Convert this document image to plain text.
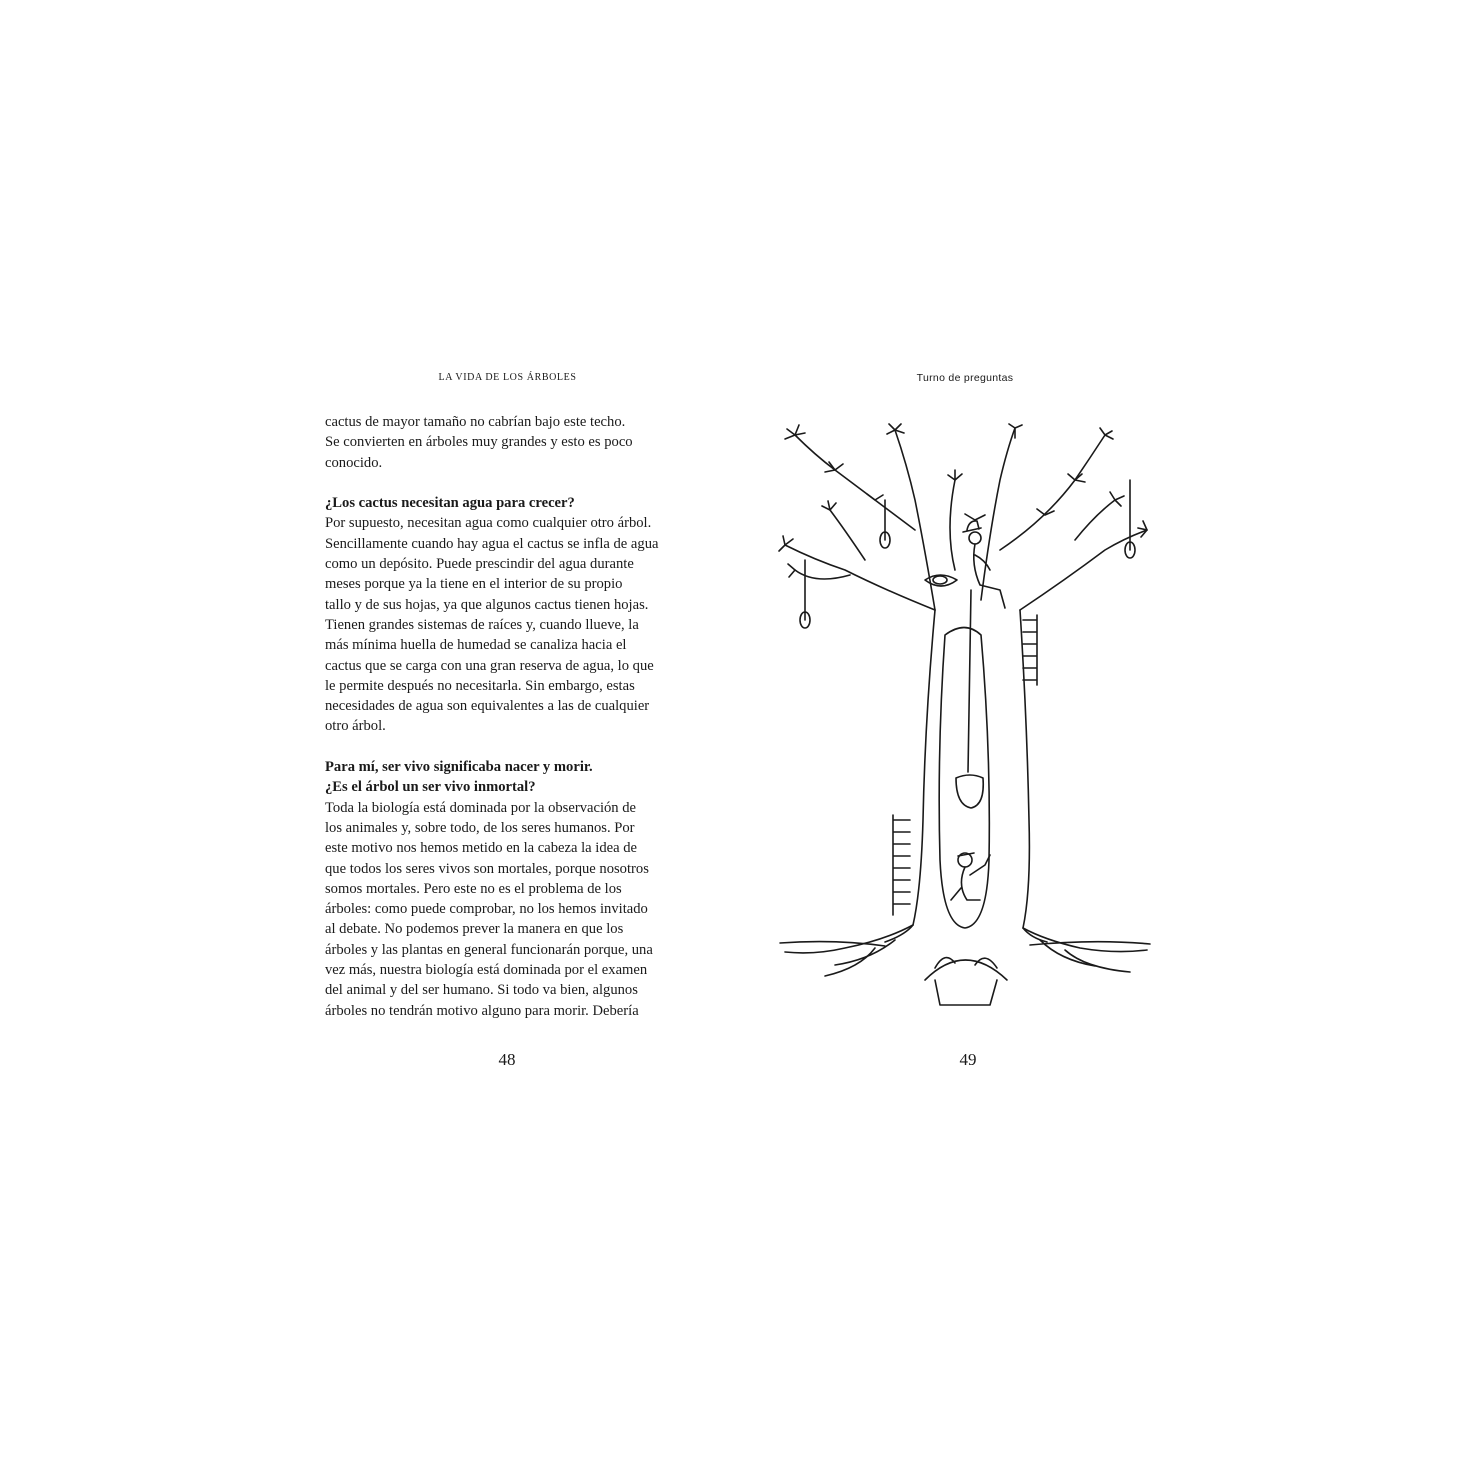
LA VIDA DE LOS ÁRBOLES	Turno de preguntas

cactus de mayor tamaño no cabrían bajo este techo.

Se convierten en árboles muy grandes y esto es poco

conocido.

¿Los cactus necesitan agua para crecer?

Por supuesto, necesitan agua como cualquier otro árbol.

Sencillamente cuando hay agua el cactus se infla de agua

como un depósito. Puede prescindir del agua durante

meses porque ya la tiene en el interior de su propio

tallo y de sus hojas, ya que algunos cactus tienen hojas.

Tienen grandes sistemas de raíces y, cuando llueve, la

más mínima huella de humedad se canaliza hacia el

cactus que se carga con una gran reserva de agua, lo que

le permite después no necesitarla. Sin embargo, estas

necesidades de agua son equivalentes a las de cualquier

otro árbol.

Para mí, ser vivo significaba nacer y morir.

¿Es el árbol un ser vivo inmortal?

Toda la biología está dominada por la observación de

los animales y, sobre todo, de los seres humanos. Por

este motivo nos hemos metido en la cabeza la idea de

que todos los seres vivos son mortales, porque nosotros

somos mortales. Pero este no es el problema de los

árboles: como puede comprobar, no los hemos invitado

al debate. No podemos prever la manera en que los

árboles y las plantas en general funcionarán porque, una

vez más, nuestra biología está dominada por el examen

del animal y del ser humano. Si todo va bien, algunos

árboles no tendrán motivo alguno para morir. Debería

48	49
